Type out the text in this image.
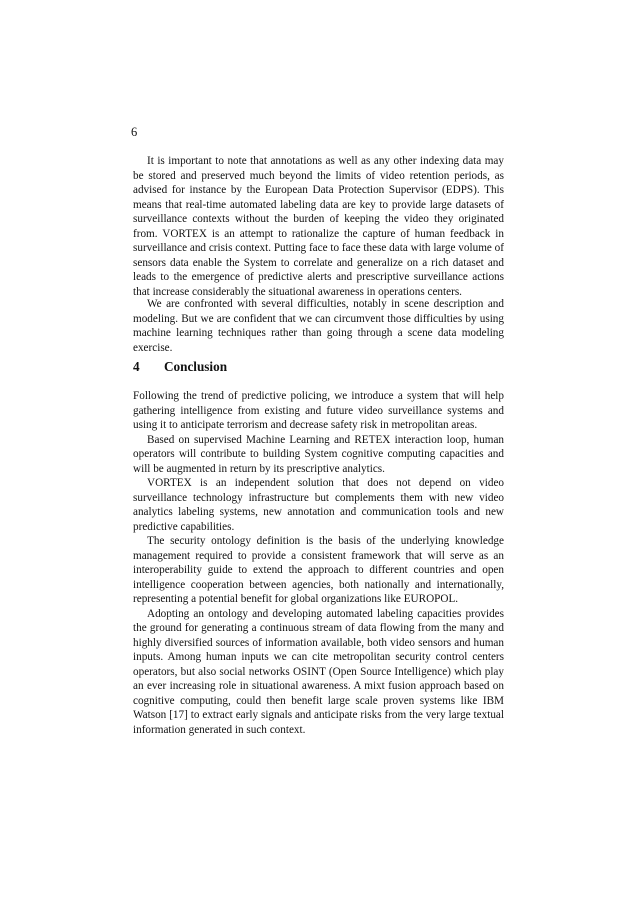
6

It is important to note that annotations as well as any other indexing data may be stored and preserved much beyond the limits of video retention periods, as advised for instance by the European Data Protection Supervisor (EDPS). This means that real-time automated labeling data are key to provide large datasets of surveillance contexts without the burden of keeping the video they originated from. VORTEX is an attempt to rationalize the capture of human feedback in surveillance and crisis context. Putting face to face these data with large volume of sensors data enable the System to correlate and generalize on a rich dataset and leads to the emergence of predictive alerts and prescriptive surveillance actions that increase considerably the situational awareness in operations centers.

We are confronted with several difficulties, notably in scene description and modeling. But we are confident that we can circumvent those difficulties by using machine learning techniques rather than going through a scene data modeling exercise.

4 Conclusion

Following the trend of predictive policing, we introduce a system that will help gathering intelligence from existing and future video surveillance systems and using it to anticipate terrorism and decrease safety risk in metropolitan areas.

Based on supervised Machine Learning and RETEX interaction loop, human operators will contribute to building System cognitive computing capacities and will be augmented in return by its prescriptive analytics.

VORTEX is an independent solution that does not depend on video surveillance technology infrastructure but complements them with new video analytics labeling systems, new annotation and communication tools and new predictive capabilities.

The security ontology definition is the basis of the underlying knowledge management required to provide a consistent framework that will serve as an interoperability guide to extend the approach to different countries and open intelligence cooperation between agencies, both nationally and internationally, representing a potential benefit for global organizations like EUROPOL.

Adopting an ontology and developing automated labeling capacities provides the ground for generating a continuous stream of data flowing from the many and highly diversified sources of information available, both video sensors and human inputs. Among human inputs we can cite metropolitan security control centers operators, but also social networks OSINT (Open Source Intelligence) which play an ever increasing role in situational awareness. A mixt fusion approach based on cognitive computing, could then benefit large scale proven systems like IBM Watson [17] to extract early signals and anticipate risks from the very large textual information generated in such context.
